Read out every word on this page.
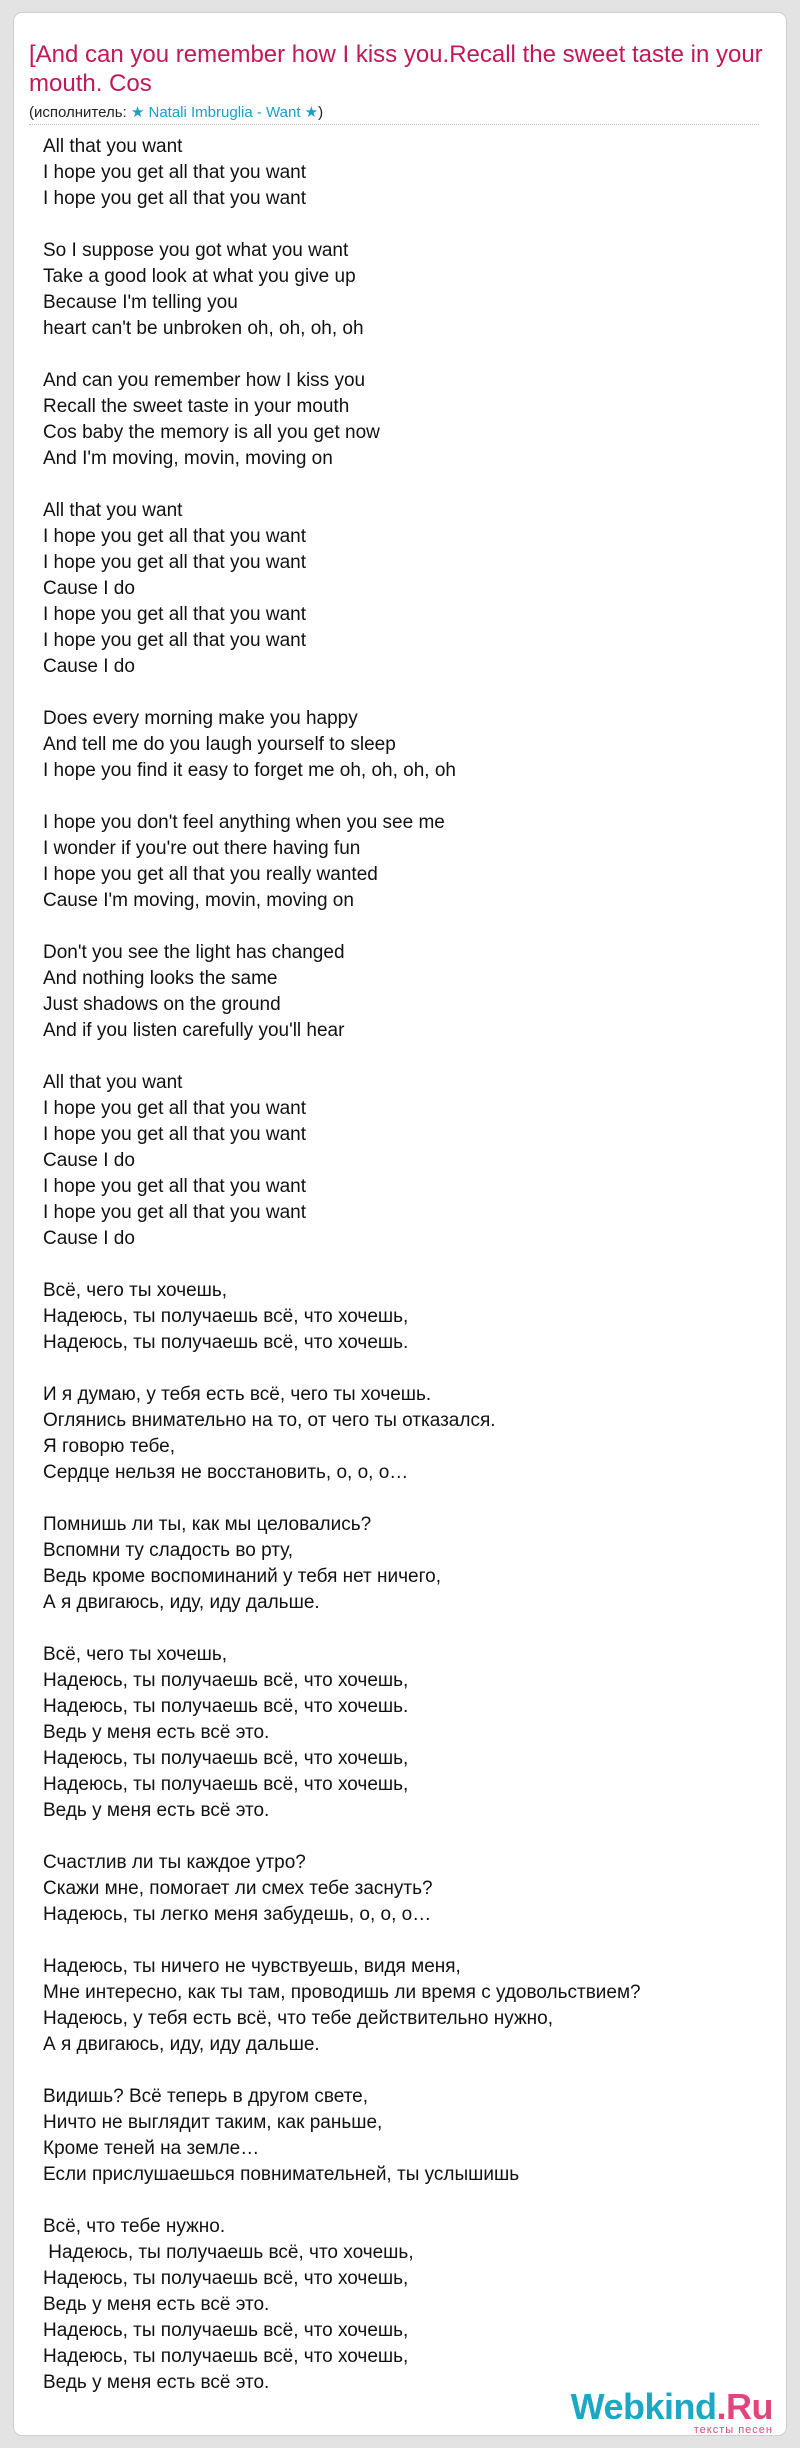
[And can you remember how I kiss you.Recall the sweet taste in your mouth. Cos
(исполнитель: ★ Natali Imbruglia - Want ★)
All that you want
I hope you get all that you want
I hope you get all that you want

So I suppose you got what you want
Take a good look at what you give up
Because I'm telling you
heart can't be unbroken oh, oh, oh, oh

And can you remember how I kiss you
Recall the sweet taste in your mouth
Cos baby the memory is all you get now
And I'm moving, movin, moving on

All that you want
I hope you get all that you want
I hope you get all that you want
Cause I do
I hope you get all that you want
I hope you get all that you want
Cause I do

Does every morning make you happy
And tell me do you laugh yourself to sleep
I hope you find it easy to forget me oh, oh, oh, oh

I hope you don't feel anything when you see me
I wonder if you're out there having fun
I hope you get all that you really wanted
Cause I'm moving, movin, moving on

Don't you see the light has changed
And nothing looks the same
Just shadows on the ground
And if you listen carefully you'll hear

All that you want
I hope you get all that you want
I hope you get all that you want
Cause I do
I hope you get all that you want
I hope you get all that you want
Cause I do

Всё, чего ты хочешь,
Надеюсь, ты получаешь всё, что хочешь,
Надеюсь, ты получаешь всё, что хочешь.

И я думаю, у тебя есть всё, чего ты хочешь.
Оглянись внимательно на то, от чего ты отказался.
Я говорю тебе,
Сердце нельзя не восстановить, о, о, о…

Помнишь ли ты, как мы целовались?
Вспомни ту сладость во рту,
Ведь кроме воспоминаний у тебя нет ничего,
А я двигаюсь, иду, иду дальше.

Всё, чего ты хочешь,
Надеюсь, ты получаешь всё, что хочешь,
Надеюсь, ты получаешь всё, что хочешь.
Ведь у меня есть всё это.
Надеюсь, ты получаешь всё, что хочешь,
Надеюсь, ты получаешь всё, что хочешь,
Ведь у меня есть всё это.

Счастлив ли ты каждое утро?
Скажи мне, помогает ли смех тебе заснуть?
Надеюсь, ты легко меня забудешь, о, о, о…

Надеюсь, ты ничего не чувствуешь, видя меня,
Мне интересно, как ты там, проводишь ли время с удовольствием?
Надеюсь, у тебя есть всё, что тебе действительно нужно,
А я двигаюсь, иду, иду дальше.

Видишь? Всё теперь в другом свете,
Ничто не выглядит таким, как раньше,
Кроме теней на земле…
Если прислушаешься повнимательней, ты услышишь

Всё, что тебе нужно.
Надеюсь, ты получаешь всё, что хочешь,
Надеюсь, ты получаешь всё, что хочешь,
Ведь у меня есть всё это.
Надеюсь, ты получаешь всё, что хочешь,
Надеюсь, ты получаешь всё, что хочешь,
Ведь у меня есть всё это.
Webkind.Ru
тексты песен
